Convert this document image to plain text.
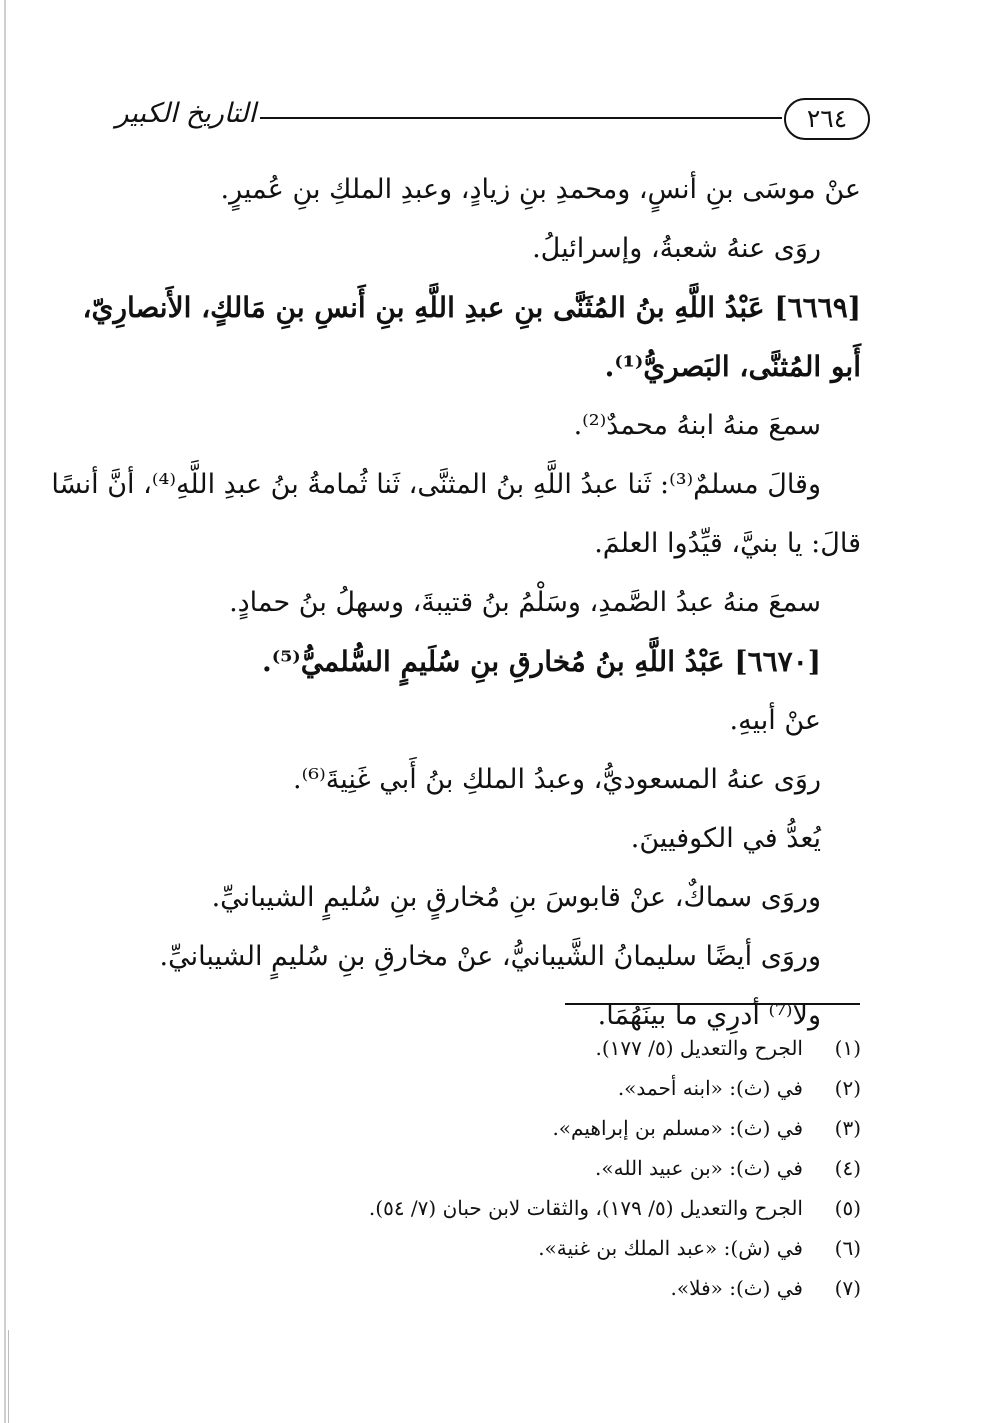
٢٦٤
التاريخ الكبير
عنْ موسَى بنِ أنسٍ، ومحمدِ بنِ زيادٍ، وعبدِ الملكِ بنِ عُميرٍ.
روَى عنهُ شعبةُ، وإسرائيلُ.
[٦٦٦٩] عَبْدُ اللَّهِ بنُ المُثَنَّى بنِ عبدِ اللَّهِ بنِ أَنسِ بنِ مَالكٍ، الأَنصارِيّ،
أَبو المُثنَّى، البَصريُّ⁽¹⁾.
سمعَ منهُ ابنهُ محمدٌ⁽²⁾.
وقالَ مسلمٌ⁽³⁾: ثَنا عبدُ اللَّهِ بنُ المثنَّى، ثَنا ثُمامةُ بنُ عبدِ اللَّهِ⁽⁴⁾، أنَّ أنسًا
قالَ: يا بنيَّ، قيِّدُوا العلمَ.
سمعَ منهُ عبدُ الصَّمدِ، وسَلْمُ بنُ قتيبةَ، وسهلُ بنُ حمادٍ.
[٦٦٧٠] عَبْدُ اللَّهِ بنُ مُخارقِ بنِ سُلَيمٍ السُّلميُّ⁽⁵⁾.
عنْ أبيهِ.
روَى عنهُ المسعوديُّ، وعبدُ الملكِ بنُ أَبي غَنِيةَ⁽⁶⁾.
يُعدُّ في الكوفيينَ.
وروَى سماكٌ، عنْ قابوسَ بنِ مُخارقٍ بنِ سُليمٍ الشيبانيِّ.
وروَى أيضًا سليمانُ الشَّيبانيُّ، عنْ مخارقِ بنِ سُليمٍ الشيبانيِّ.
ولا⁽⁷⁾ أدرِي ما بينَهُمَا.
(١)
الجرح والتعديل (٥/ ١٧٧).
(٢)
في (ث): «ابنه أحمد».
(٣)
في (ث): «مسلم بن إبراهيم».
(٤)
في (ث): «بن عبيد الله».
(٥)
الجرح والتعديل (٥/ ١٧٩)، والثقات لابن حبان (٧/ ٥٤).
(٦)
في (ش): «عبد الملك بن غنية».
(٧)
في (ث): «فلا».
